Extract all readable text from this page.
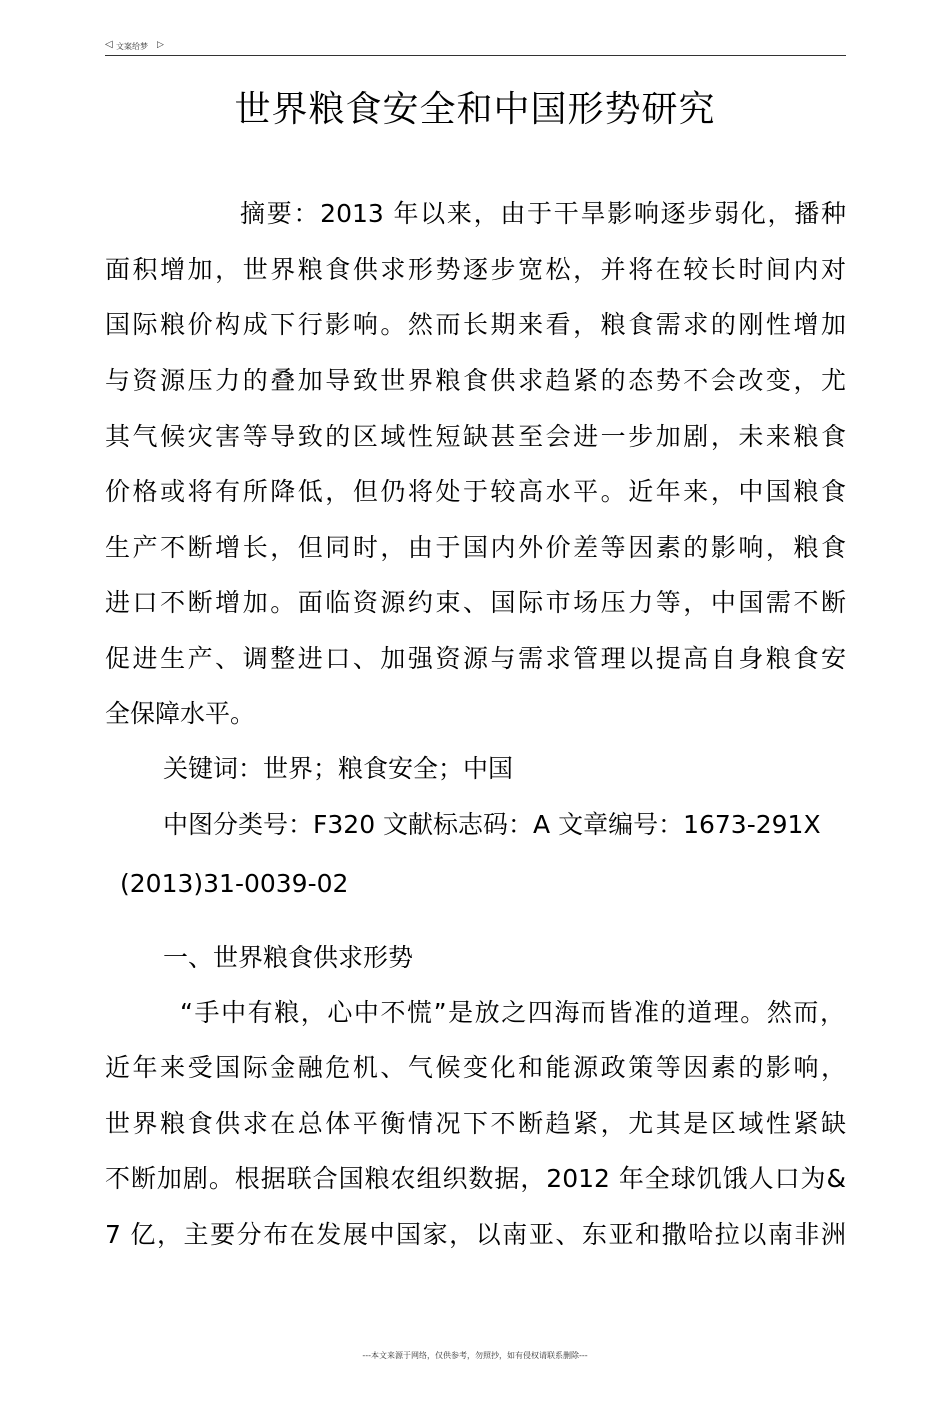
◁ 文案给梦 ▷
世界粮食安全和中国形势研究
摘要：2013 年以来，由于干旱影响逐步弱化，播种
面积增加，世界粮食供求形势逐步宽松，并将在较长时间内对
国际粮价构成下行影响。然而长期来看，粮食需求的刚性增加
与资源压力的叠加导致世界粮食供求趋紧的态势不会改变，尤
其气候灾害等导致的区域性短缺甚至会进一步加剧，未来粮食
价格或将有所降低，但仍将处于较高水平。近年来，中国粮食
生产不断增长，但同时，由于国内外价差等因素的影响，粮食
进口不断增加。面临资源约束、国际市场压力等，中国需不断
促进生产、调整进口、加强资源与需求管理以提高自身粮食安
全保障水平。
关键词：世界；粮食安全；中国
中图分类号：F320 文献标志码：A 文章编号：1673-291X
(2013)31-0039-02
一、世界粮食供求形势
“手中有粮，心中不慌”是放之四海而皆准的道理。然而，
近年来受国际金融危机、气候变化和能源政策等因素的影响，
世界粮食供求在总体平衡情况下不断趋紧，尤其是区域性紧缺
不断加剧。根据联合国粮农组织数据，2012 年全球饥饿人口为&
7 亿，主要分布在发展中国家，以南亚、东亚和撒哈拉以南非洲
---本文来源于网络，仅供参考，勿照抄，如有侵权请联系删除---
